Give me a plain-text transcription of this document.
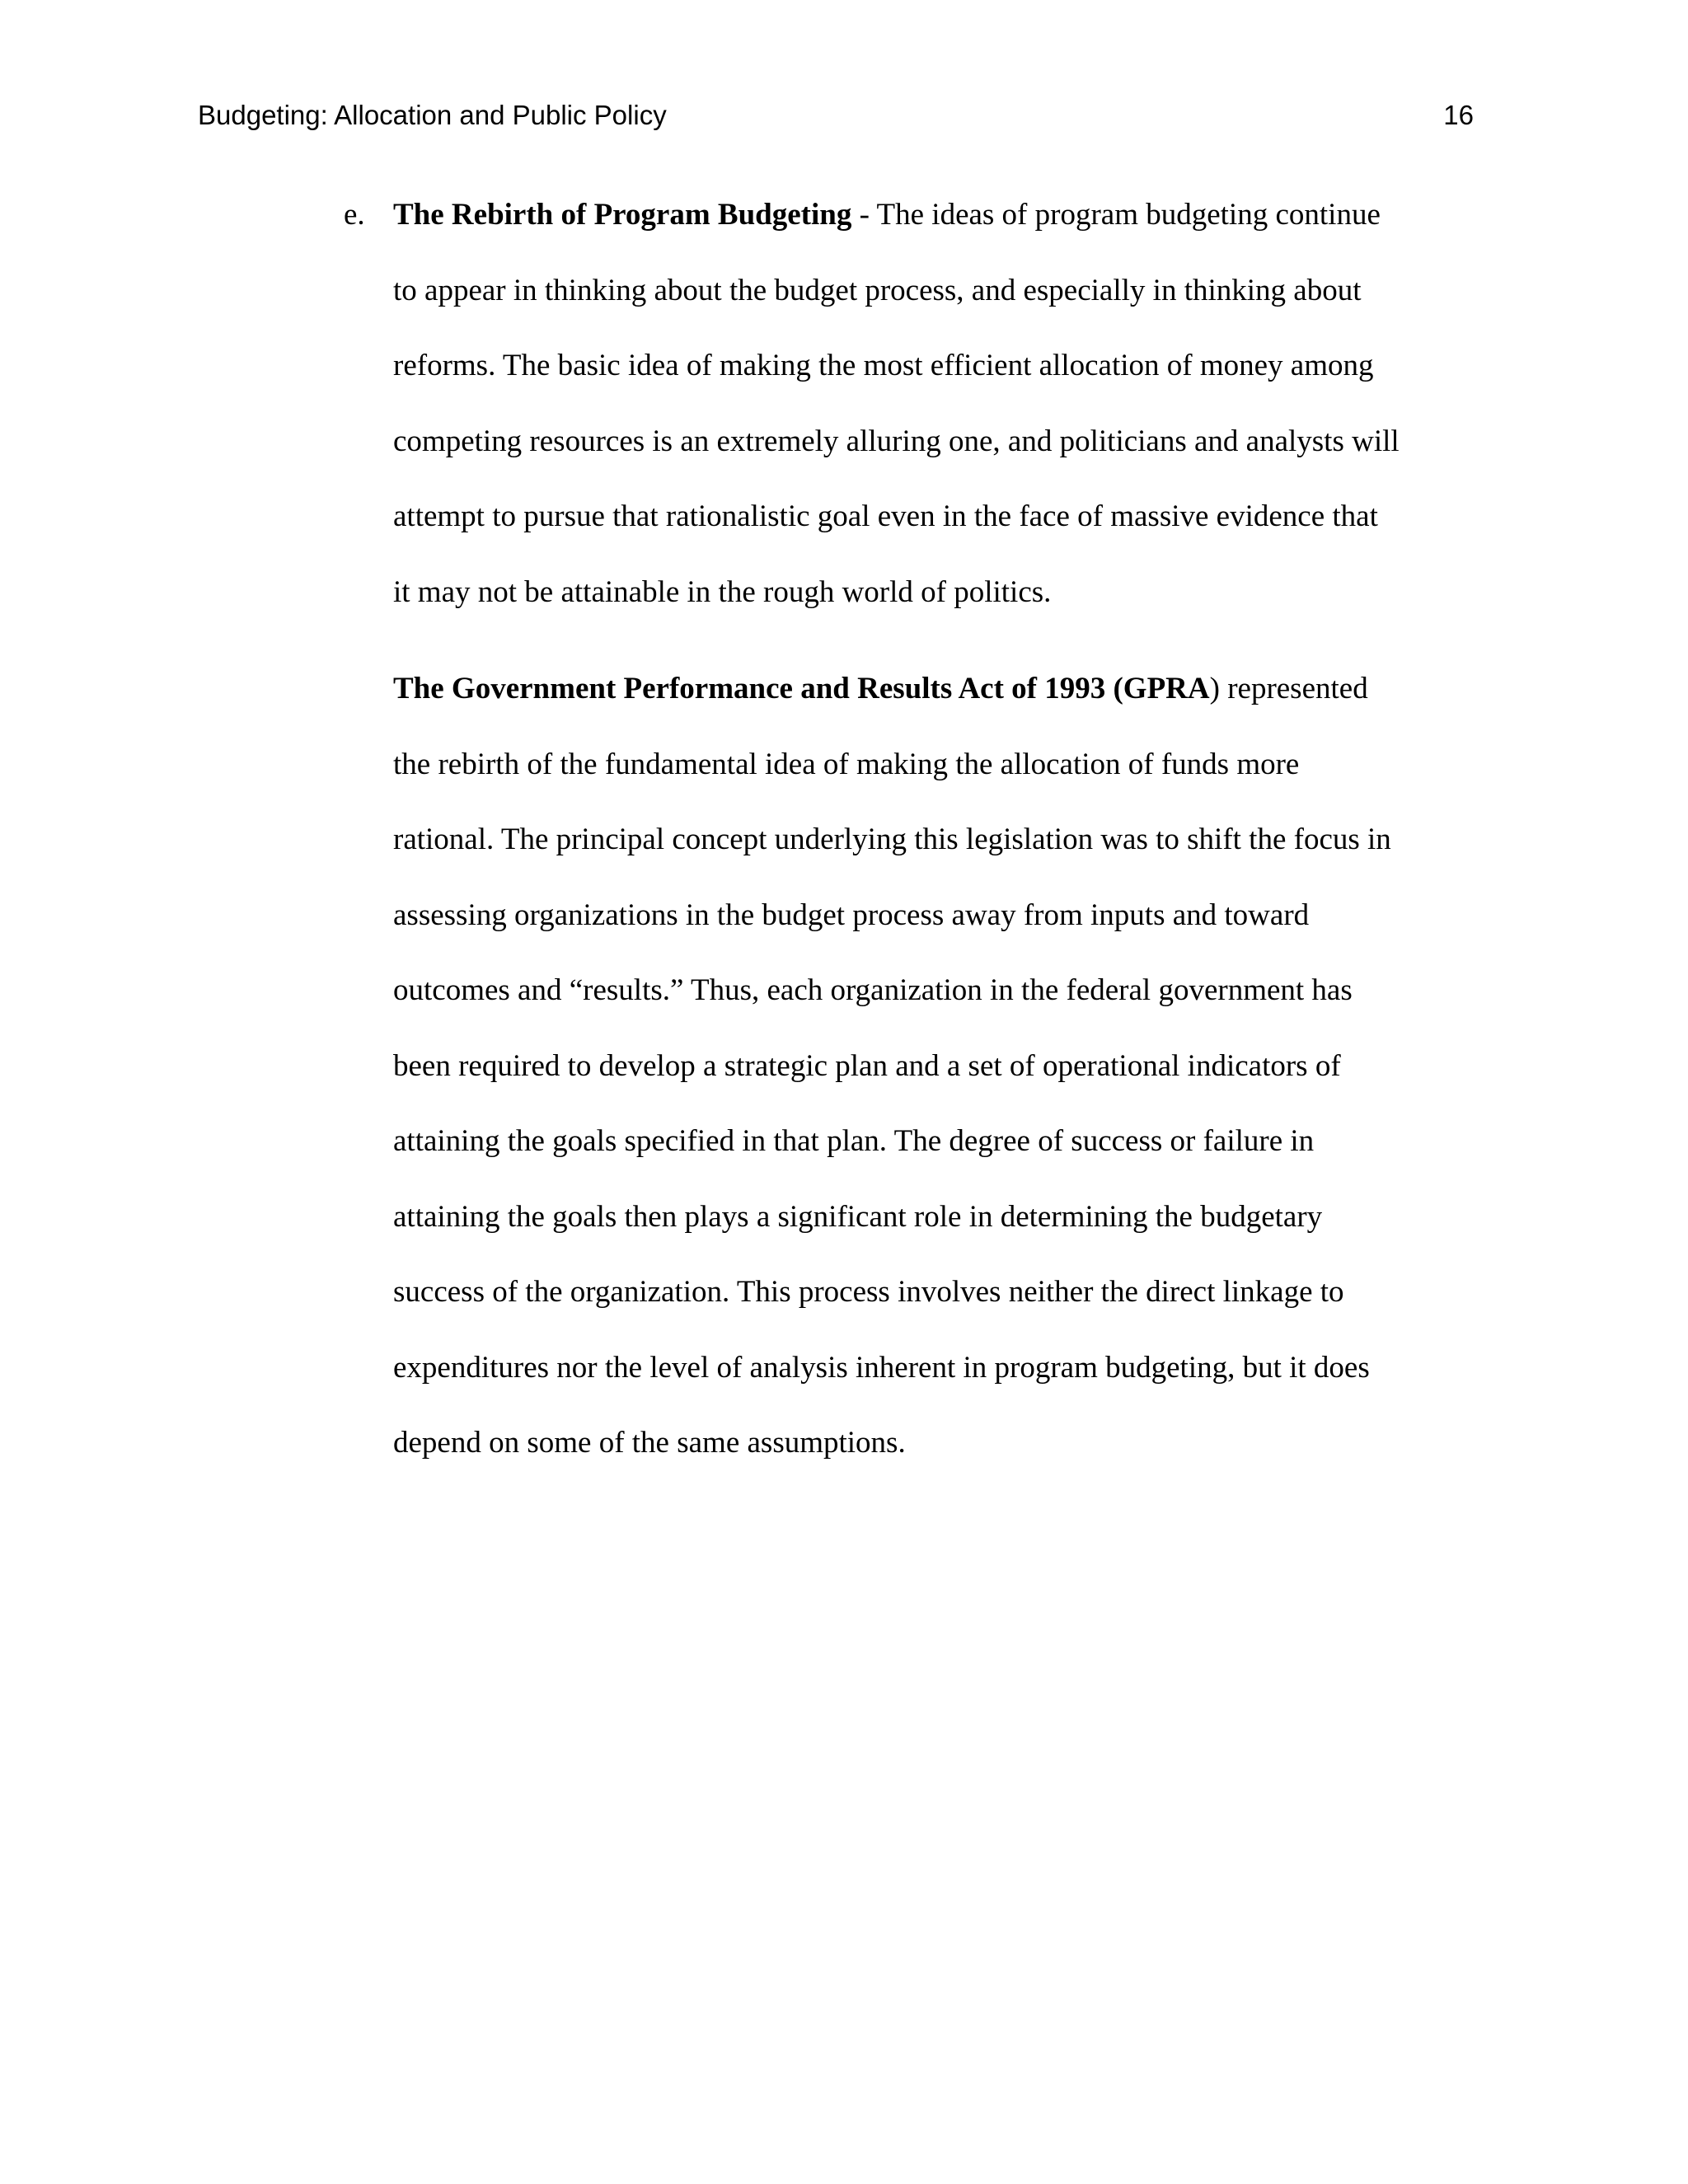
Budgeting: Allocation and Public Policy	16
e. The Rebirth of Program Budgeting - The ideas of program budgeting continue
to appear in thinking about the budget process, and especially in thinking about
reforms. The basic idea of making the most efficient allocation of money among
competing resources is an extremely alluring one, and politicians and analysts will
attempt to pursue that rationalistic goal even in the face of massive evidence that
it may not be attainable in the rough world of politics.
The Government Performance and Results Act of 1993 (GPRA) represented
the rebirth of the fundamental idea of making the allocation of funds more
rational. The principal concept underlying this legislation was to shift the focus in
assessing organizations in the budget process away from inputs and toward
outcomes and “results.” Thus, each organization in the federal government has
been required to develop a strategic plan and a set of operational indicators of
attaining the goals specified in that plan. The degree of success or failure in
attaining the goals then plays a significant role in determining the budgetary
success of the organization. This process involves neither the direct linkage to
expenditures nor the level of analysis inherent in program budgeting, but it does
depend on some of the same assumptions.
